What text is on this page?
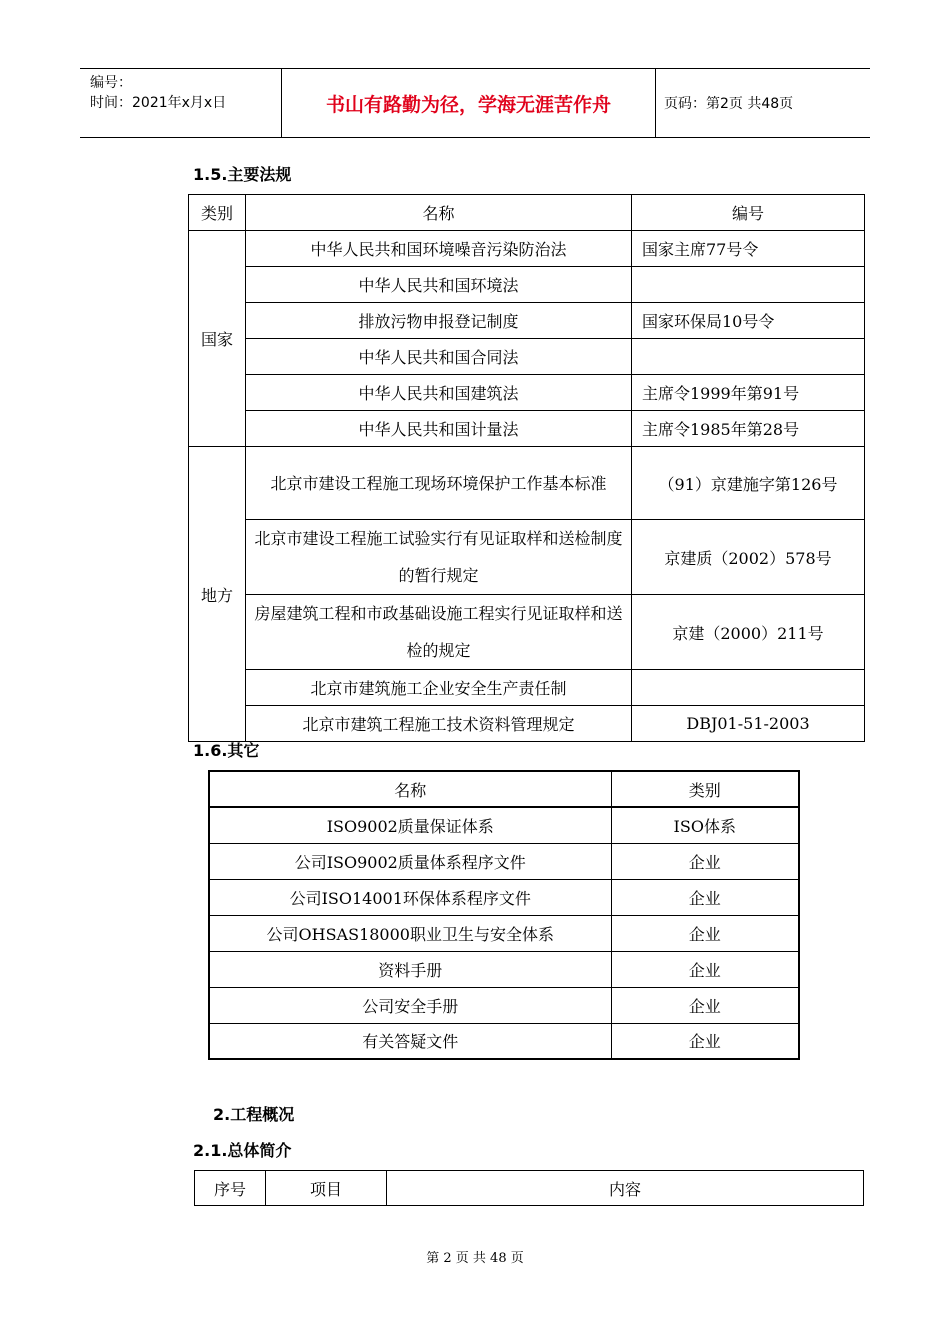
编号：
时间：2021年x月x日	书山有路勤为径，学海无涯苦作舟	页码：第2页 共48页
1.5.主要法规
类别	名称	编号
国家	中华人民共和国环境噪音污染防治法	国家主席77号令
	中华人民共和国环境法	
	排放污物申报登记制度	国家环保局10号令
	中华人民共和国合同法	
	中华人民共和国建筑法	主席令1999年第91号
	中华人民共和国计量法	主席令1985年第28号
地方	北京市建设工程施工现场环境保护工作基本标准	（91）京建施字第126号
	北京市建设工程施工试验实行有见证取样和送检制度的暂行规定	京建质（2002）578号
	房屋建筑工程和市政基础设施工程实行见证取样和送检的规定	京建（2000）211号
	北京市建筑施工企业安全生产责任制	
	北京市建筑工程施工技术资料管理规定	DBJ01-51-2003
1.6.其它
名称	类别
ISO9002质量保证体系	ISO体系
公司ISO9002质量体系程序文件	企业
公司ISO14001环保体系程序文件	企业
公司OHSAS18000职业卫生与安全体系	企业
资料手册	企业
公司安全手册	企业
有关答疑文件	企业
2.工程概况
2.1.总体简介
序号	项目	内容
第 2 页 共 48 页
